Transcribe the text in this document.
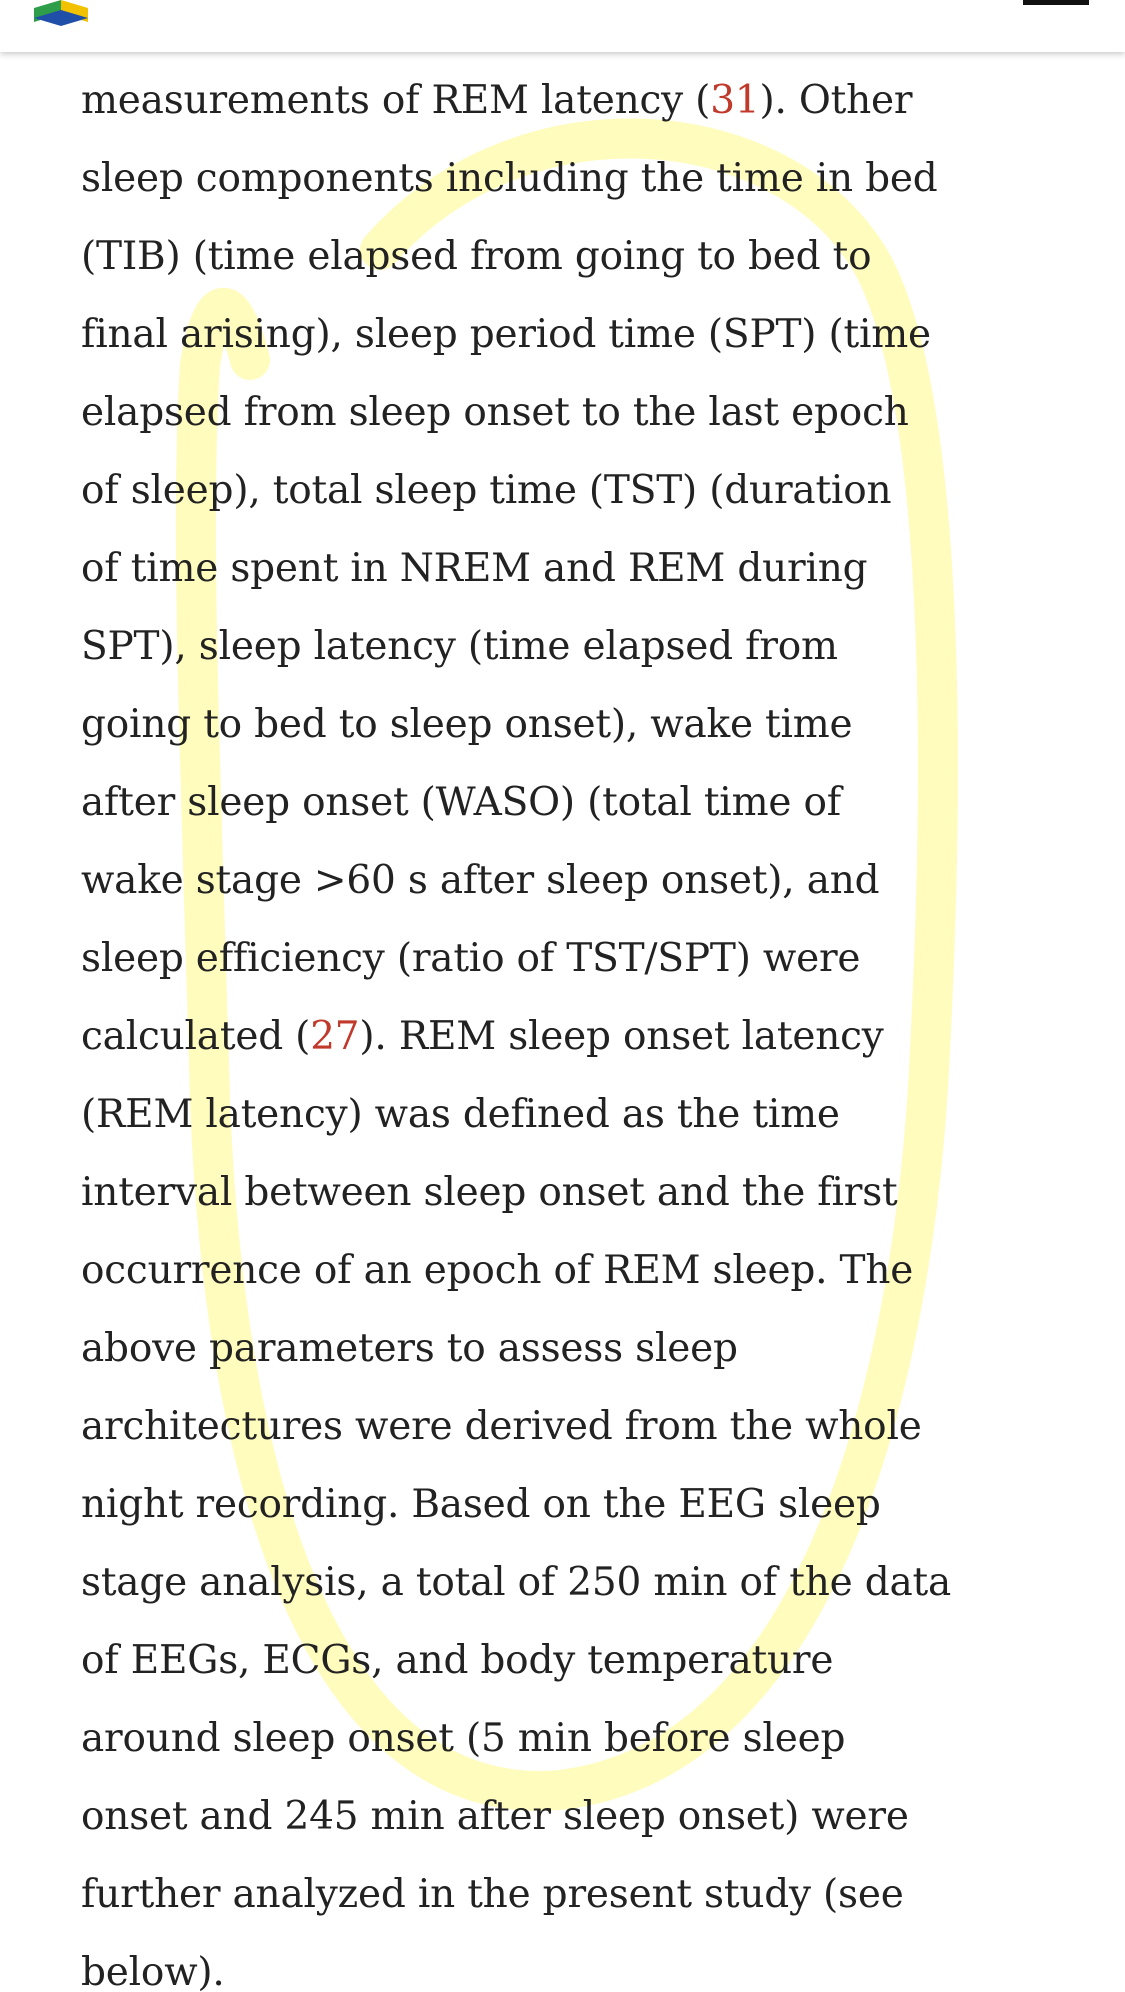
measurements of REM latency (31). Other
sleep components including the time in bed
(TIB) (time elapsed from going to bed to
final arising), sleep period time (SPT) (time
elapsed from sleep onset to the last epoch
of sleep), total sleep time (TST) (duration
of time spent in NREM and REM during
SPT), sleep latency (time elapsed from
going to bed to sleep onset), wake time
after sleep onset (WASO) (total time of
wake stage >60 s after sleep onset), and
sleep efficiency (ratio of TST/SPT) were
calculated (27). REM sleep onset latency
(REM latency) was defined as the time
interval between sleep onset and the first
occurrence of an epoch of REM sleep. The
above parameters to assess sleep
architectures were derived from the whole
night recording. Based on the EEG sleep
stage analysis, a total of 250 min of the data
of EEGs, ECGs, and body temperature
around sleep onset (5 min before sleep
onset and 245 min after sleep onset) were
further analyzed in the present study (see
below).
